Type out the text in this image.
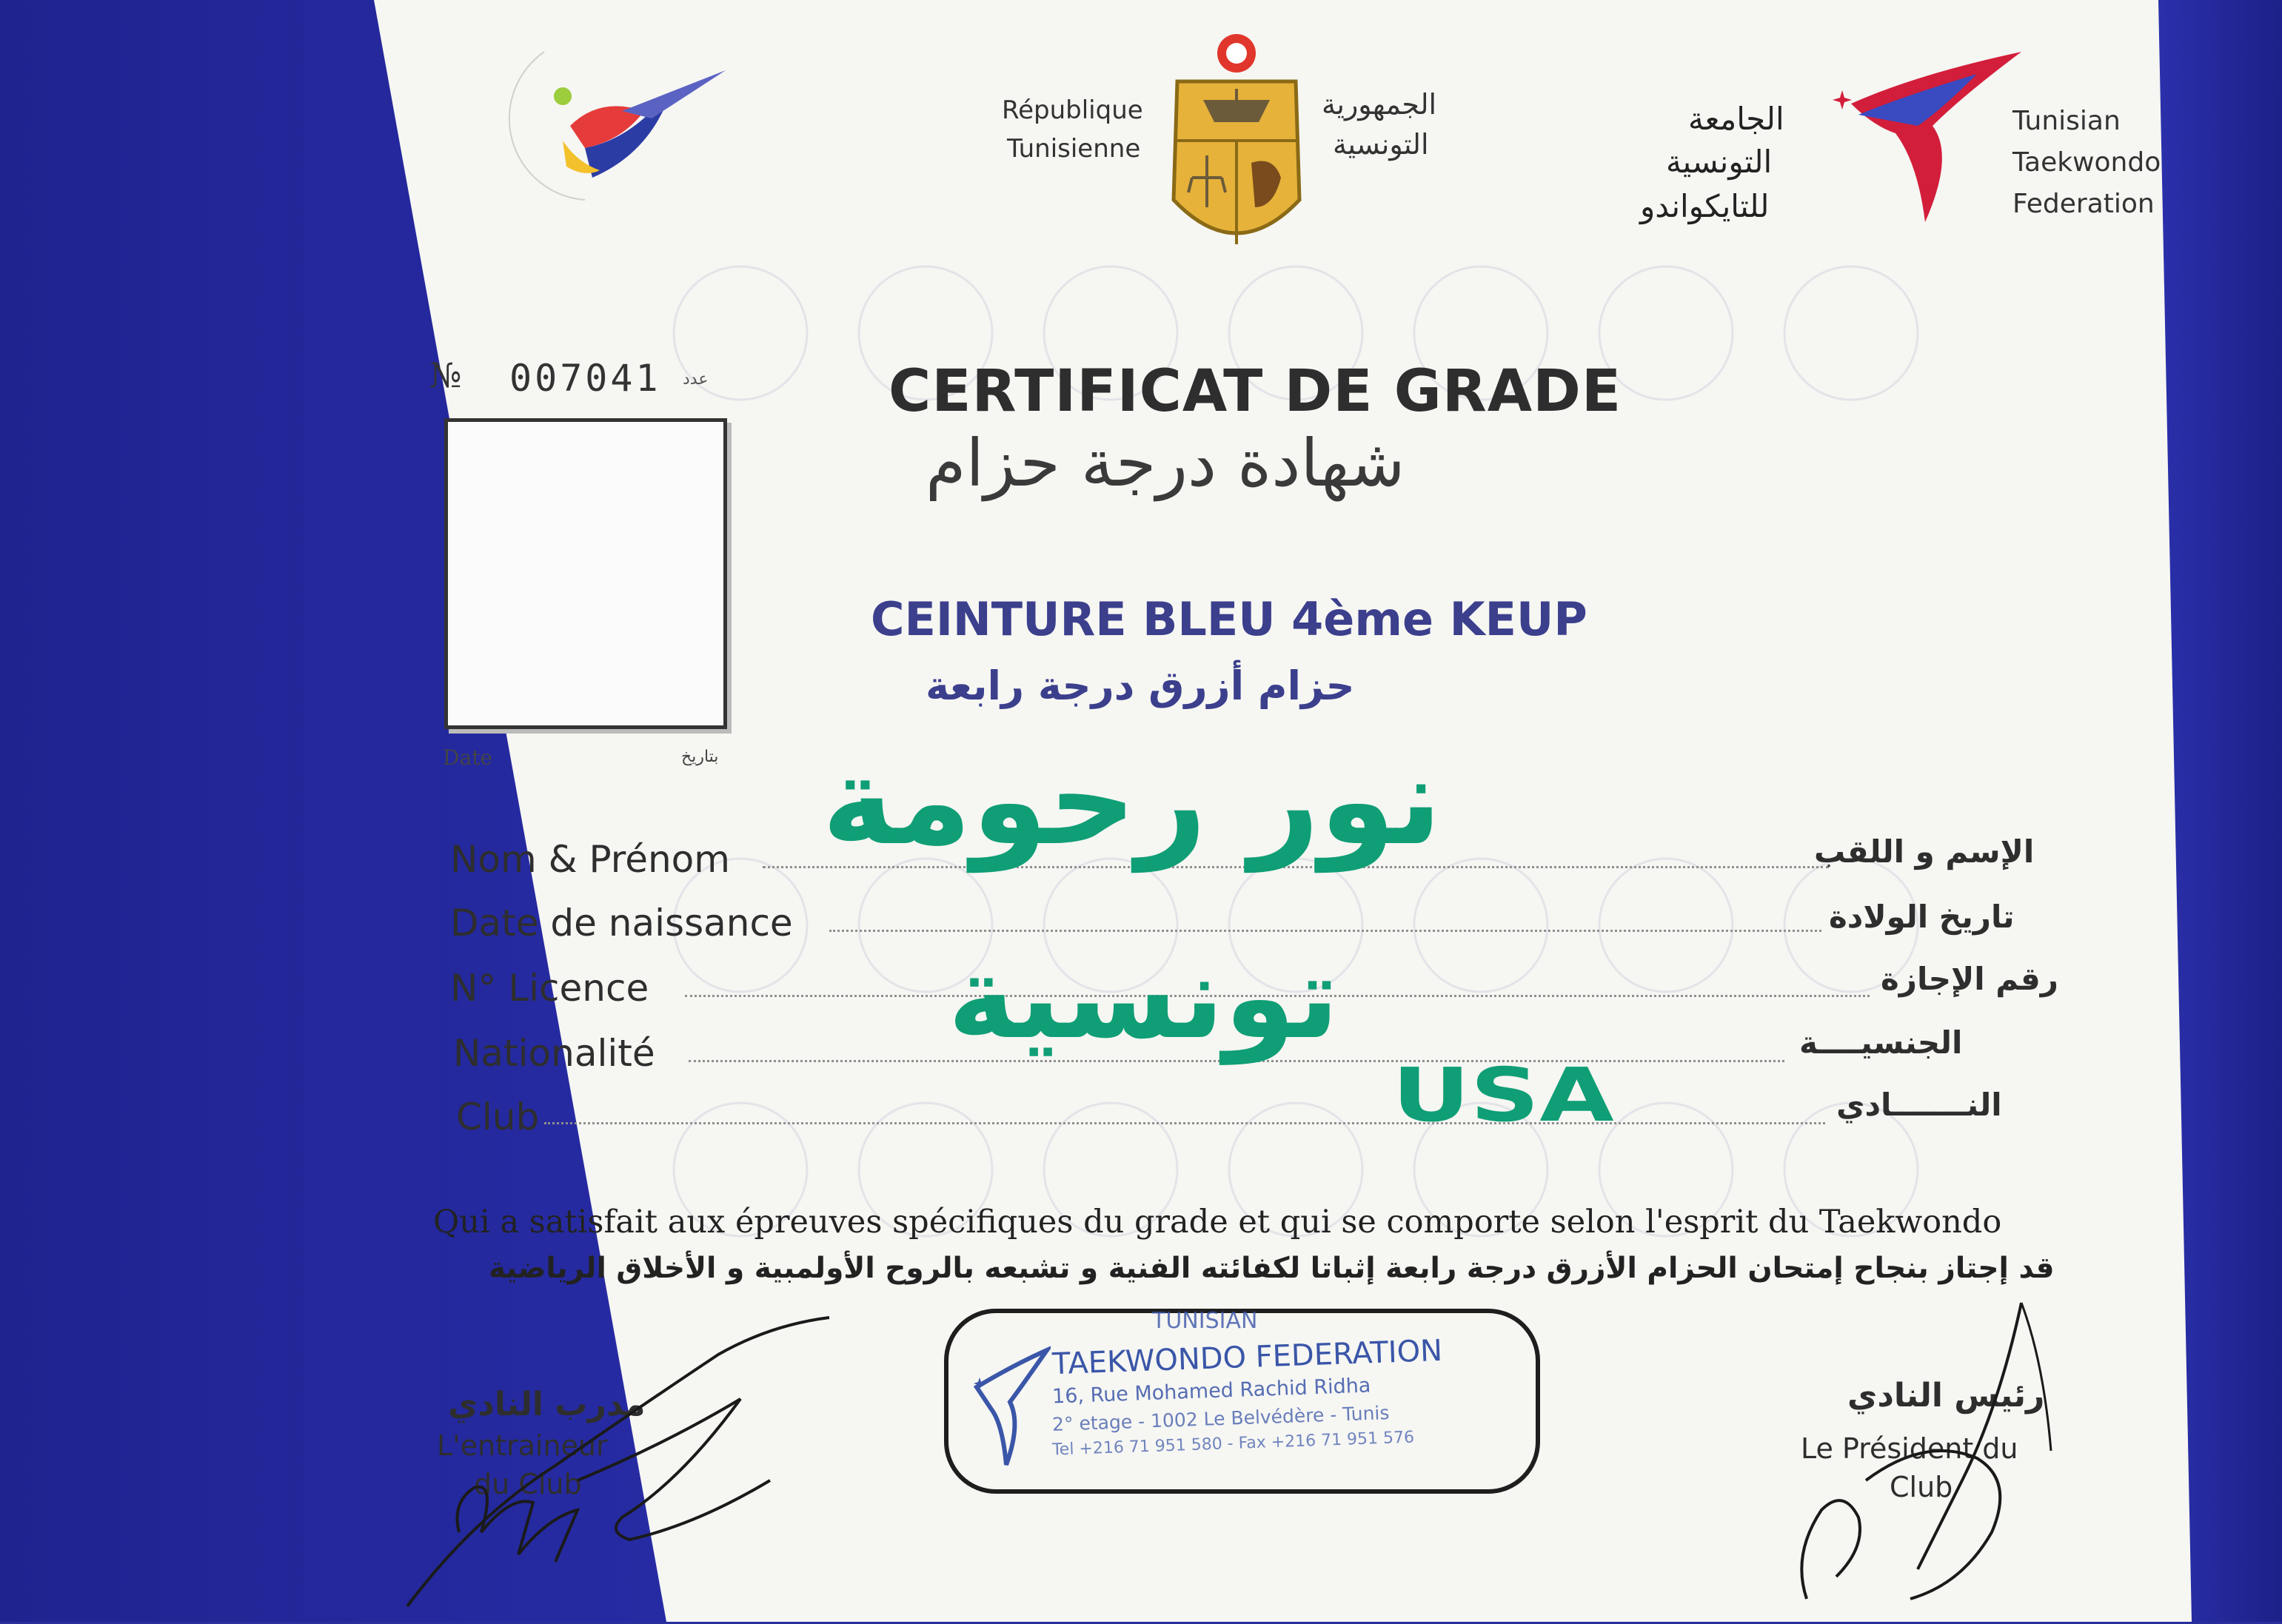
République
Tunisienne
الجمهورية
التونسية
الجامعة
التونسية
للتايكواندو
Tunisian
Taekwondo
Federation
№ 007041 عدد	CERTIFICAT DE GRADE
شهادة درجة حزام
Date	بتاريخ
CEINTURE BLEU 4ème KEUP
حزام أزرق درجة رابعة
Nom & Prénom	الإسم و اللقب
Date de naissance	تاريخ الولادة
N° Licence	رقم الإجازة
Nationalité	الجنسيــــة
Club	النـــــــادي
نور رحومة
تونسية
USA
Qui a satisfait aux épreuves spécifiques du grade et qui se comporte selon l'esprit du Taekwondo
قد إجتاز بنجاح إمتحان الحزام الأزرق درجة رابعة إثباتا لكفائته الفنية و تشبعه بالروح الأولمبية و الأخلاق الرياضية
TUNISIAN
TAEKWONDO FEDERATION
16, Rue Mohamed Rachid Ridha
2° etage - 1002 Le Belvédère - Tunis
Tel +216 71 951 580 - Fax +216 71 951 576
مدرب النادي
L'entraineur
du Club
رئيس النادي
Le Président du
Club
